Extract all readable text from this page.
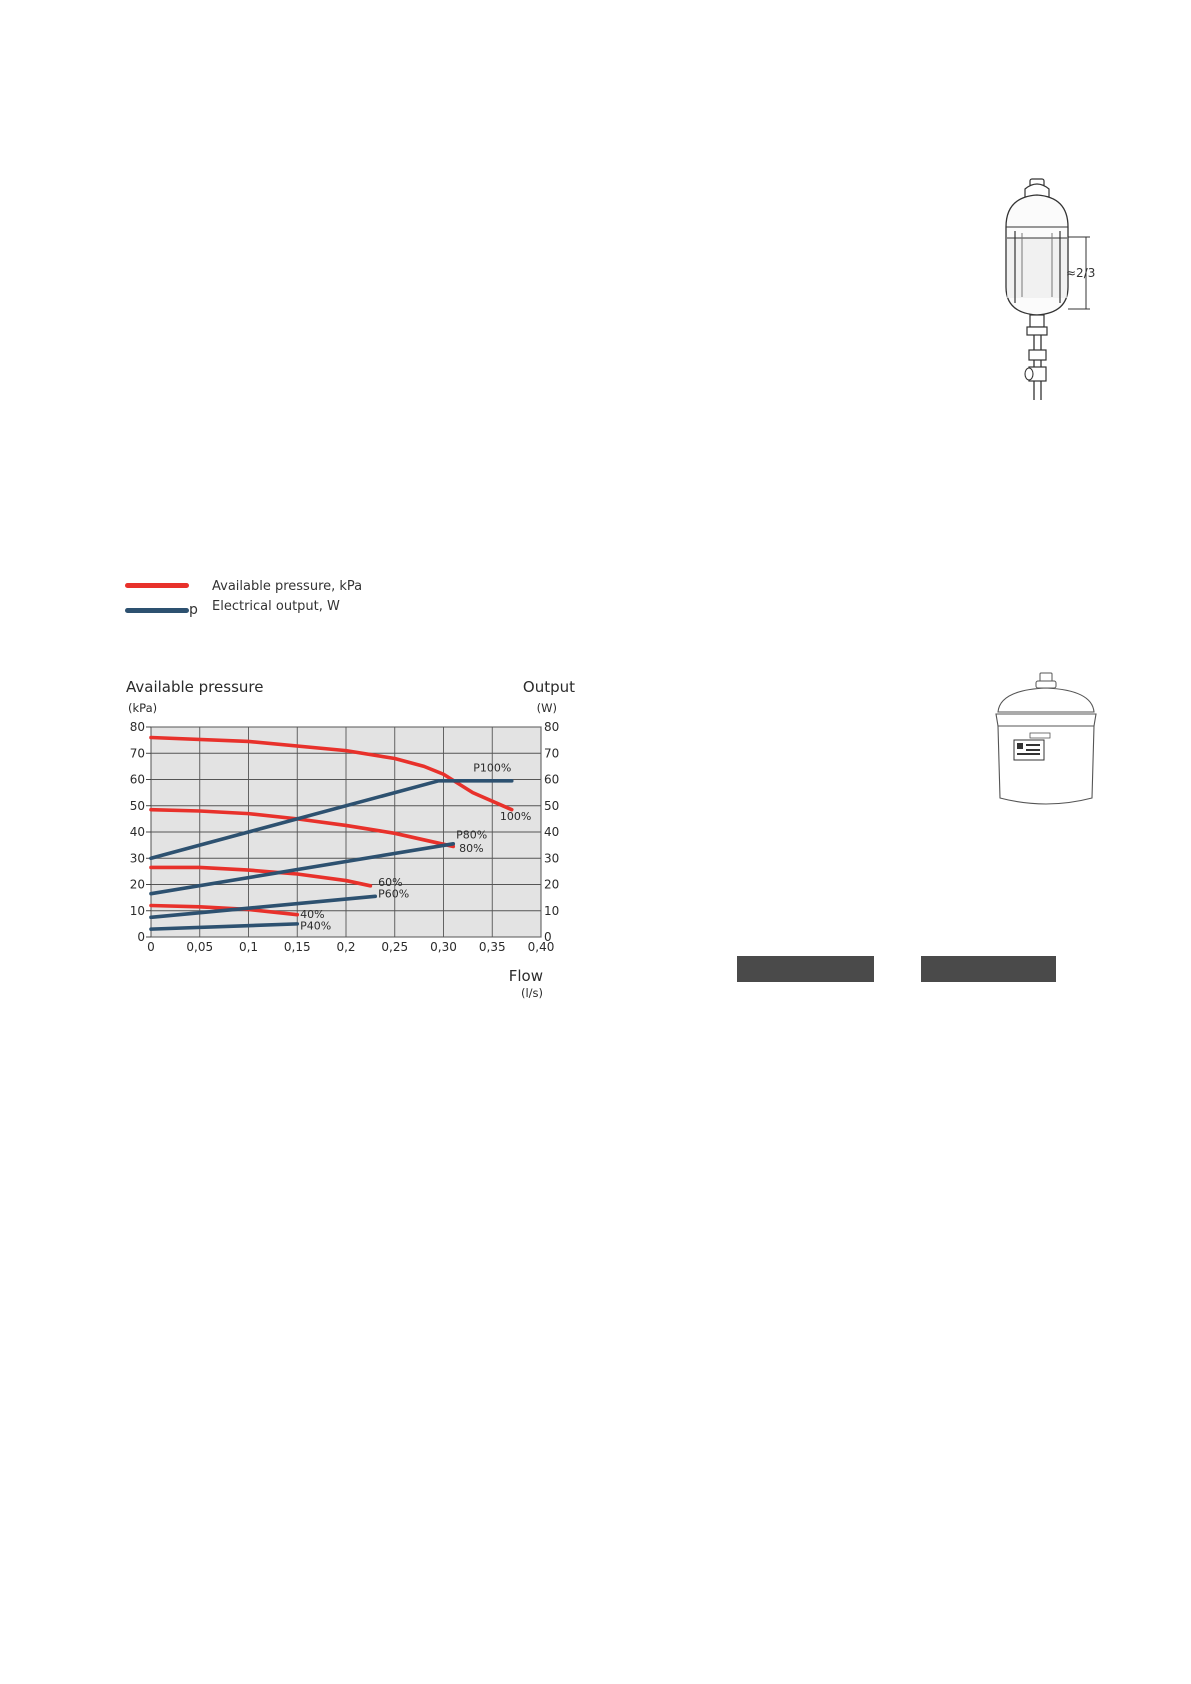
p
Available pressure, kPa
Electrical output, W
Available pressure
(kPa)
Output
(W)
Flow
(l/s)
0	0,05 0,1 0,15 0,2 0,25 0,30 0,35 0,40
0
10
20
30
40
50
60
70
80
0
10
20
30
40
50
60
70
80
P100%
100%
P80%
80%
60%
P60%
40%
P40%
≈2/3
